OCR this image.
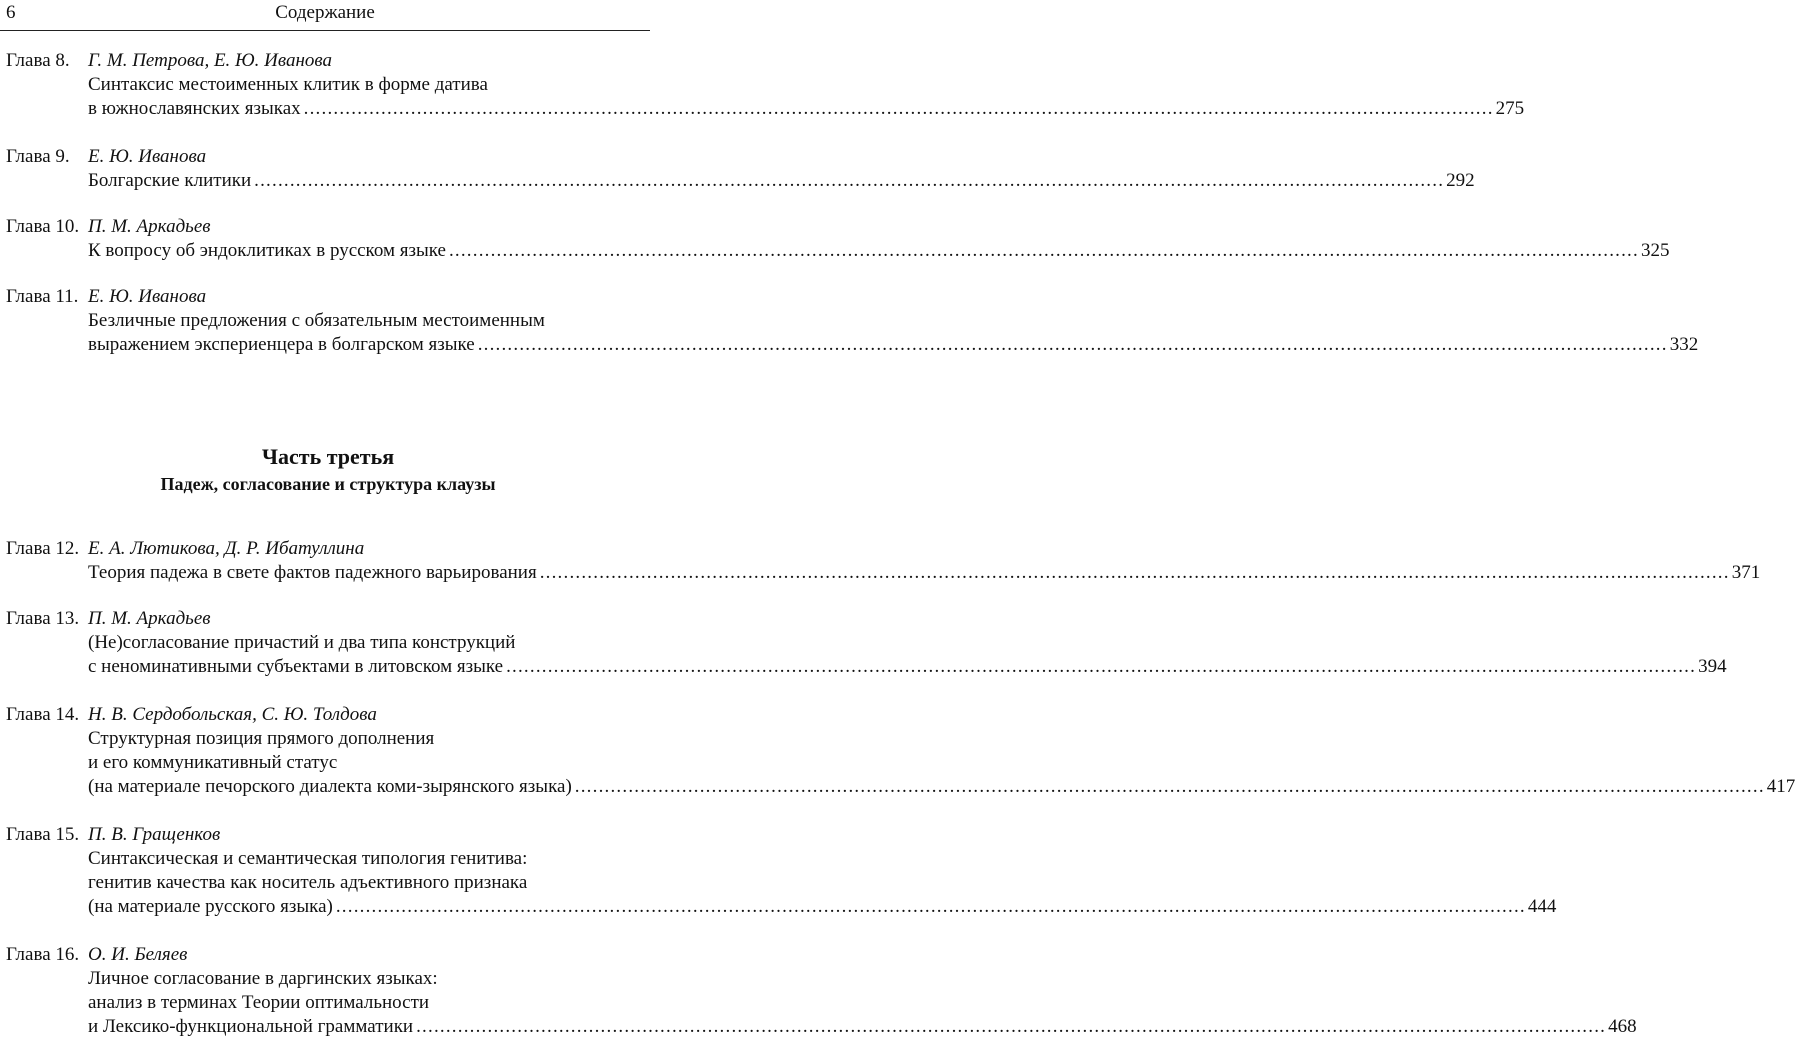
6	Содержание
Часть третья
Падеж, согласование и структура клаузы
Глава 8. Г. М. Петрова, Е. Ю. Иванова
Синтаксис местоименных клитик в форме датива
в южнославянских языках ........................................................................................................................................................................................................ 275
Глава 9. Е. Ю. Иванова
Болгарские клитики ........................................................................................................................................................................................................ 292
Глава 10. П. М. Аркадьев
К вопросу об эндоклитиках в русском языке ........................................................................................................................................................................................................ 325
Глава 11. Е. Ю. Иванова
Безличные предложения с обязательным местоименным
выражением экспериенцера в болгарском языке ........................................................................................................................................................................................................ 332
Глава 12. Е. А. Лютикова, Д. Р. Ибатуллина
Теория падежа в свете фактов падежного варьирования ........................................................................................................................................................................................................ 371
Глава 13. П. М. Аркадьев
(Не)согласование причастий и два типа конструкций
с неноминативными субъектами в литовском языке ........................................................................................................................................................................................................ 394
Глава 14. Н. В. Сердобольская, С. Ю. Толдова
Структурная позиция прямого дополнения
и его коммуникативный статус
(на материале печорского диалекта коми-зырянского языка) ........................................................................................................................................................................................................ 417
Глава 15. П. В. Гращенков
Синтаксическая и семантическая типология генитива:
генитив качества как носитель адъективного признака
(на материале русского языка) ........................................................................................................................................................................................................ 444
Глава 16. О. И. Беляев
Личное согласование в даргинских языках:
анализ в терминах Теории оптимальности
и Лексико-функциональной грамматики ........................................................................................................................................................................................................ 468
